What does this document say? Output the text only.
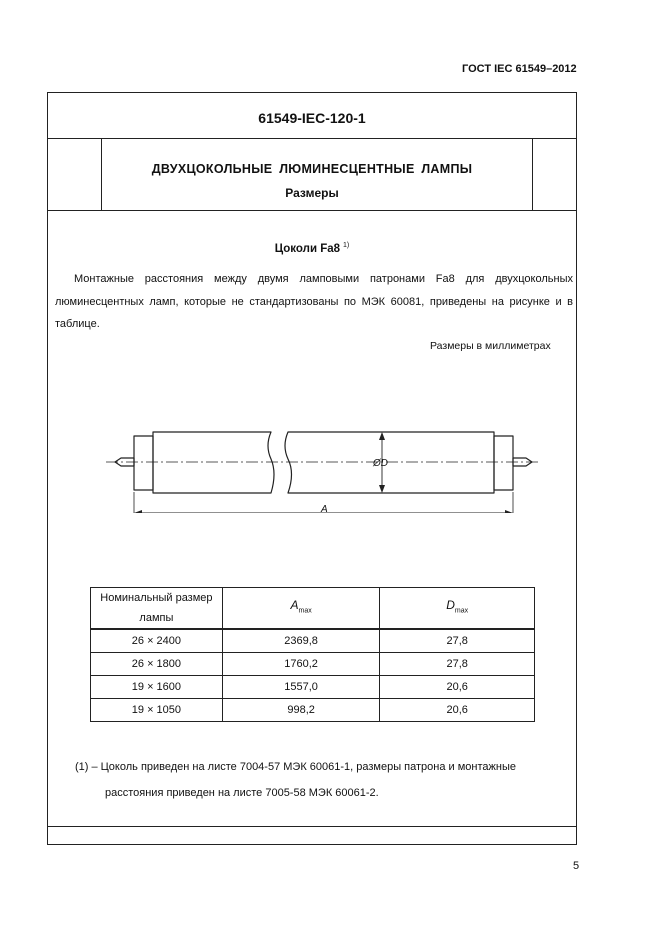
ГОСТ IEC 61549–2012
61549-IEC-120-1
ДВУХЦОКОЛЬНЫЕ ЛЮМИНЕСЦЕНТНЫЕ ЛАМПЫ
Размеры
Цоколи Fa8 $^{1)}$
Монтажные расстояния между двумя ламповыми патронами Fa8 для двухцокольных люминесцентных ламп, которые не стандартизованы по МЭК 60081, приведены на рисунке и в таблице.
Размеры в миллиметрах
ØD
A
Номинальный размер лампы	$A_{max}$	$D_{max}$
26 × 2400	2369,8	27,8
26 × 1800	1760,2	27,8
19 × 1600	1557,0	20,6
19 × 1050	998,2	20,6
(1) – Цоколь приведен на листе 7004-57 МЭК 60061-1, размеры патрона и монтажные
расстояния приведен на листе 7005-58 МЭК 60061-2.
5
